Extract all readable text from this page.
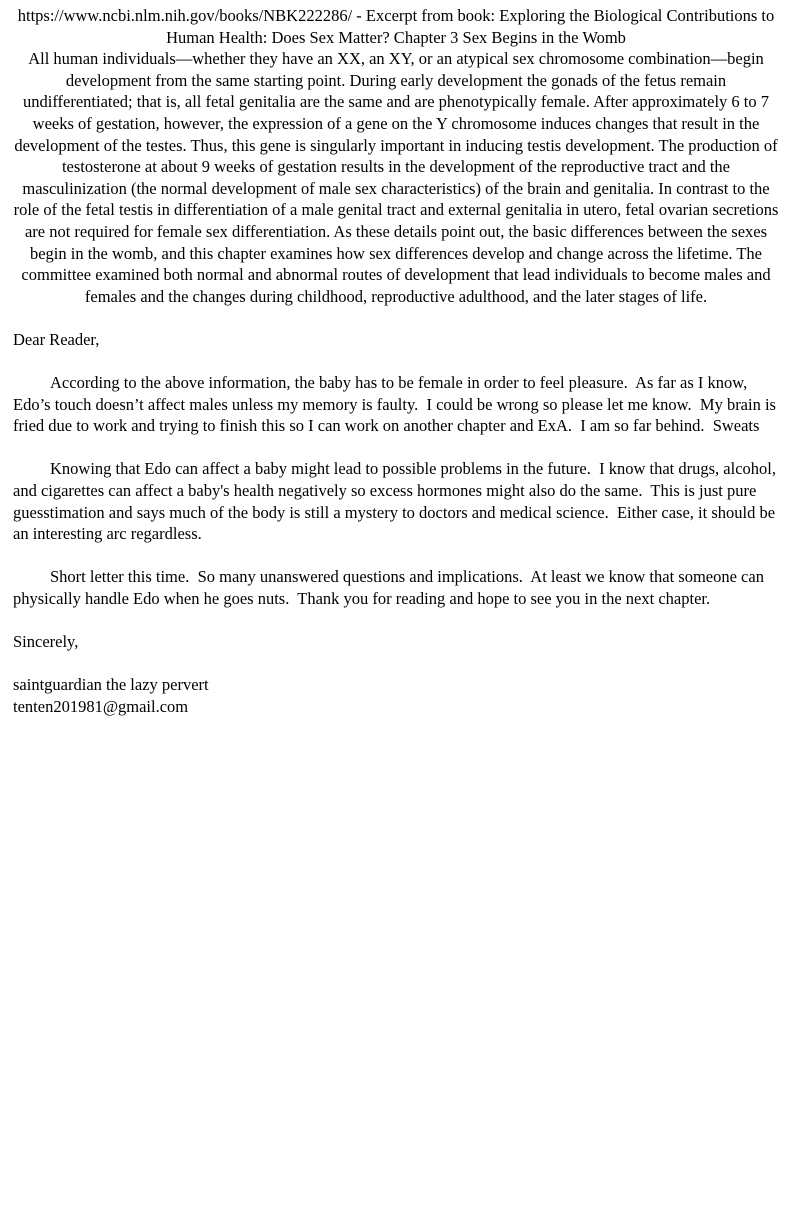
https://www.ncbi.nlm.nih.gov/books/NBK222286/ - Excerpt from book: Exploring the Biological Contributions to Human Health: Does Sex Matter? Chapter 3 Sex Begins in the Womb

All human individuals—whether they have an XX, an XY, or an atypical sex chromosome combination—begin development from the same starting point. During early development the gonads of the fetus remain undifferentiated; that is, all fetal genitalia are the same and are phenotypically female. After approximately 6 to 7 weeks of gestation, however, the expression of a gene on the Y chromosome induces changes that result in the development of the testes. Thus, this gene is singularly important in inducing testis development. The production of testosterone at about 9 weeks of gestation results in the development of the reproductive tract and the masculinization (the normal development of male sex characteristics) of the brain and genitalia. In contrast to the role of the fetal testis in differentiation of a male genital tract and external genitalia in utero, fetal ovarian secretions are not required for female sex differentiation. As these details point out, the basic differences between the sexes begin in the womb, and this chapter examines how sex differences develop and change across the lifetime. The committee examined both normal and abnormal routes of development that lead individuals to become males and females and the changes during childhood, reproductive adulthood, and the later stages of life.

Dear Reader,

According to the above information, the baby has to be female in order to feel pleasure.  As far as I know, Edo’s touch doesn’t affect males unless my memory is faulty.  I could be wrong so please let me know.  My brain is fried due to work and trying to finish this so I can work on another chapter and ExA.  I am so far behind.  Sweats

Knowing that Edo can affect a baby might lead to possible problems in the future.  I know that drugs, alcohol, and cigarettes can affect a baby's health negatively so excess hormones might also do the same.  This is just pure guesstimation and says much of the body is still a mystery to doctors and medical science.  Either case, it should be an interesting arc regardless.

Short letter this time.  So many unanswered questions and implications.  At least we know that someone can physically handle Edo when he goes nuts.  Thank you for reading and hope to see you in the next chapter.

Sincerely,

saintguardian the lazy pervert
tenten201981@gmail.com
